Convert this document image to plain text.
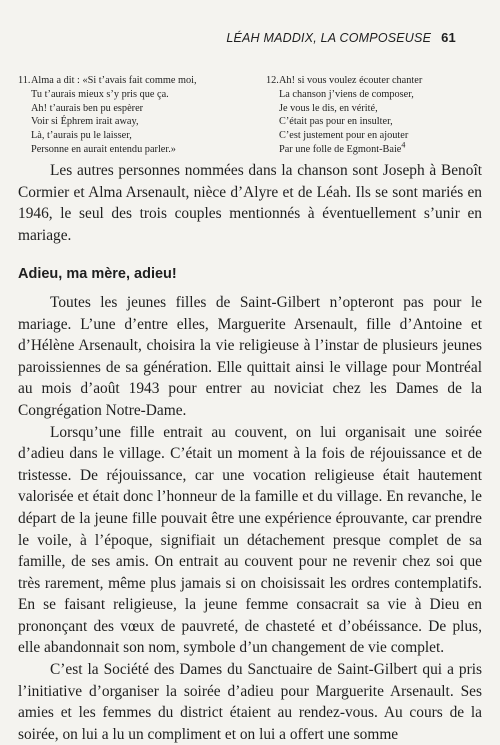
LÉAH MADDIX, LA COMPOSEUSE 61
11.Alma a dit : «Si t’avais fait comme moi,
Tu t’aurais mieux s’y pris que ça.
Ah! t’aurais ben pu espèrer
Voir si Éphrem irait away,
Là, t’aurais pu le laisser,
Personne en aurait entendu parler.»
12.Ah! si vous voulez écouter chanter
La chanson j’viens de composer,
Je vous le dis, en vérité,
C’était pas pour en insulter,
C’est justement pour en ajouter
Par une folle de Egmont-Baie$^4$

Les autres personnes nommées dans la chanson sont Joseph à Benoît Cormier et Alma Arsenault, nièce d’Alyre et de Léah. Ils se sont mariés en 1946, le seul des trois couples mentionnés à éventuellement s’unir en mariage.

Adieu, ma mère, adieu!

Toutes les jeunes filles de Saint-Gilbert n’opteront pas pour le mariage. L’une d’entre elles, Marguerite Arsenault, fille d’Antoine et d’Hélène Arsenault, choisira la vie religieuse à l’instar de plusieurs jeunes paroissiennes de sa génération. Elle quittait ainsi le village pour Montréal au mois d’août 1943 pour entrer au noviciat chez les Dames de la Congrégation Notre-Dame.

Lorsqu’une fille entrait au couvent, on lui organisait une soirée d’adieu dans le village. C’était un moment à la fois de réjouissance et de tristesse. De réjouissance, car une vocation religieuse était hautement valorisée et était donc l’honneur de la famille et du village. En revanche, le départ de la jeune fille pouvait être une expérience éprouvante, car prendre le voile, à l’époque, signifiait un détachement presque complet de sa famille, de ses amis. On entrait au couvent pour ne revenir chez soi que très rarement, même plus jamais si on choisissait les ordres contemplatifs. En se faisant religieuse, la jeune femme consacrait sa vie à Dieu en prononçant des vœux de pauvreté, de chasteté et d’obéissance. De plus, elle abandonnait son nom, symbole d’un changement de vie complet.

C’est la Société des Dames du Sanctuaire de Saint-Gilbert qui a pris l’initiative d’organiser la soirée d’adieu pour Marguerite Arsenault. Ses amies et les femmes du district étaient au rendez-vous. Au cours de la soirée, on lui a lu un compliment et on lui a offert une somme
